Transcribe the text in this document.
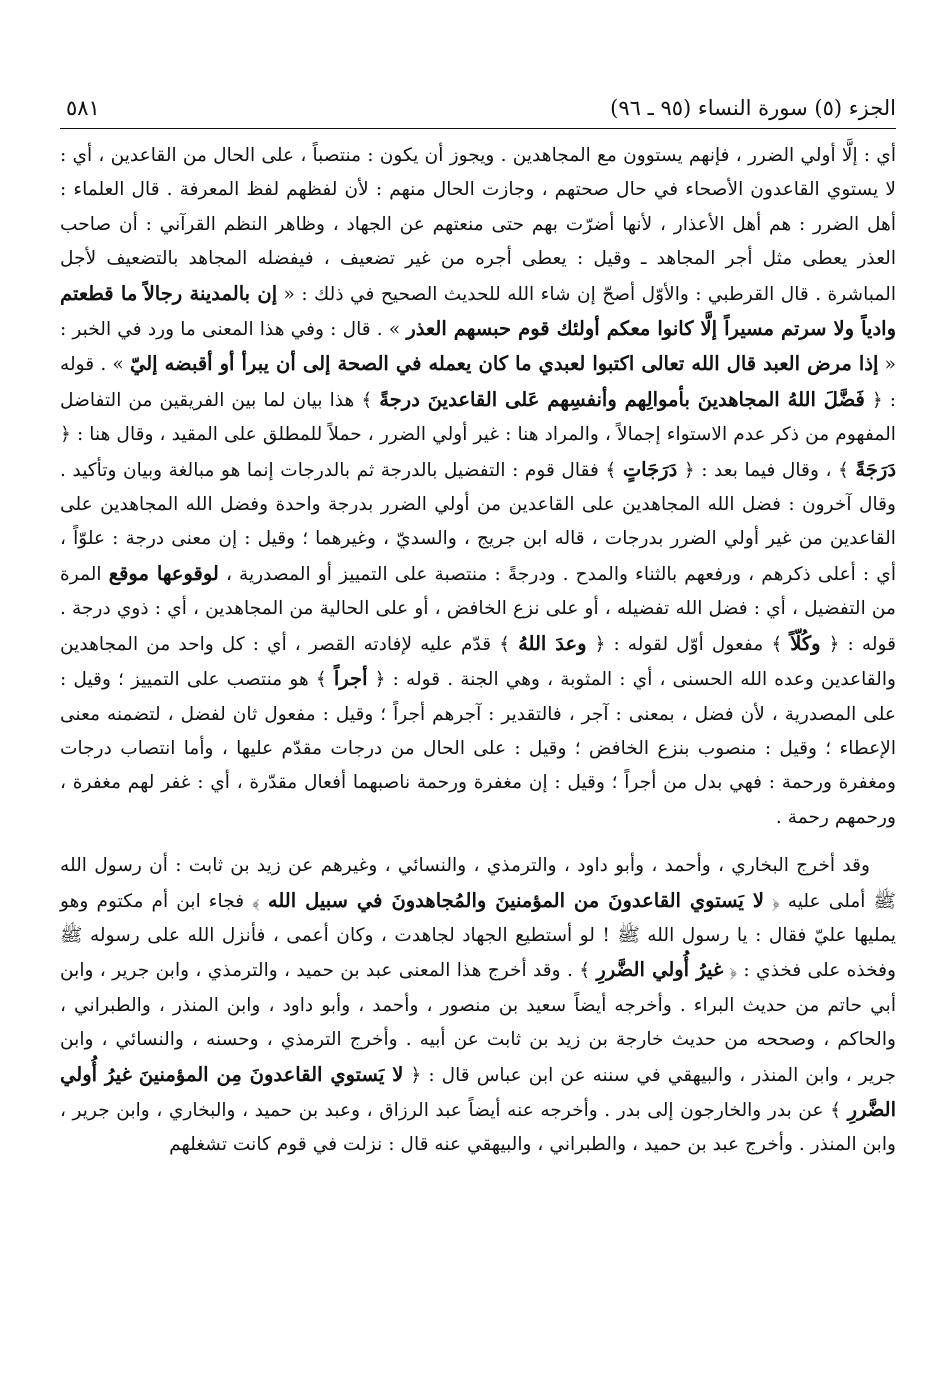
الجزء (٥) سورة النساء (٩٥ ـ ٩٦)
٥٨١

أي : إلَّا أولي الضرر ، فإنهم يستوون مع المجاهدين . ويجوز أن يكون : منتصباً ، على الحال من القاعدين ، أي : لا يستوي القاعدون الأصحاء في حال صحتهم ، وجازت الحال منهم : لأن لفظهم لفظ المعرفة . قال العلماء : أهل الضرر : هم أهل الأعذار ، لأنها أضرّت بهم حتى منعتهم عن الجهاد ، وظاهر النظم القرآني : أن صاحب العذر يعطى مثل أجر المجاهد ـ وقيل : يعطى أجره من غير تضعيف ، فيفضله المجاهد بالتضعيف لأجل المباشرة . قال القرطبي : والأوّل أصحّ إن شاء الله للحديث الصحيح في ذلك : « إن بالمدينة رجالاً ما قطعتم وادياً ولا سرتم مسيراً إلَّا كانوا معكم أولئك قوم حبسهم العذر » . قال : وفي هذا المعنى ما ورد في الخبر : « إذا مرض العبد قال الله تعالى اكتبوا لعبدي ما كان يعمله في الصحة إلى أن يبرأ أو أقبضه إليّ » . قوله : ﴿ فَضَّلَ اللهُ المجاهدينَ بأموالِهم وأنفسِهم عَلى القاعدينَ درجةً ﴾ هذا بيان لما بين الفريقين من التفاضل المفهوم من ذكر عدم الاستواء إجمالاً ، والمراد هنا : غير أولي الضرر ، حملاً للمطلق على المقيد ، وقال هنا : ﴿ دَرَجَةً ﴾ ، وقال فيما بعد : ﴿ دَرَجَاتٍ ﴾ فقال قوم : التفضيل بالدرجة ثم بالدرجات إنما هو مبالغة وبيان وتأكيد . وقال آخرون : فضل الله المجاهدين على القاعدين من أولي الضرر بدرجة واحدة وفضل الله المجاهدين على القاعدين من غير أولي الضرر بدرجات ، قاله ابن جريج ، والسديّ ، وغيرهما ؛ وقيل : إن معنى درجة : علوّاً ، أي : أعلى ذكرهم ، ورفعهم بالثناء والمدح . ودرجةً : منتصبة على التمييز أو المصدرية ، لوقوعها موقع المرة من التفضيل ، أي : فضل الله تفضيله ، أو على نزع الخافض ، أو على الحالية من المجاهدين ، أي : ذوي درجة . قوله : ﴿ وكُلّاً ﴾ مفعول أوّل لقوله : ﴿ وعدَ اللهُ ﴾ قدّم عليه لإفادته القصر ، أي : كل واحد من المجاهدين والقاعدين وعده الله الحسنى ، أي : المثوبة ، وهي الجنة . قوله : ﴿ أجراً ﴾ هو منتصب على التمييز ؛ وقيل : على المصدرية ، لأن فضل ، بمعنى : آجر ، فالتقدير : آجرهم أجراً ؛ وقيل : مفعول ثان لفضل ، لتضمنه معنى الإعطاء ؛ وقيل : منصوب بنزع الخافض ؛ وقيل : على الحال من درجات مقدّم عليها ، وأما انتصاب درجات ومغفرة ورحمة : فهي بدل من أجراً ؛ وقيل : إن مغفرة ورحمة ناصبهما أفعال مقدّرة ، أي : غفر لهم مغفرة ، ورحمهم رحمة .

وقد أخرج البخاري ، وأحمد ، وأبو داود ، والترمذي ، والنسائي ، وغيرهم عن زيد بن ثابت : أن رسول الله ﷺ أملى عليه ﴿ لا يَستوي القاعدونَ من المؤمنينَ والمُجاهدونَ في سبيل الله ﴾ فجاء ابن أم مكتوم وهو يمليها عليّ فقال : يا رسول الله ﷺ ! لو أستطيع الجهاد لجاهدت ، وكان أعمى ، فأنزل الله على رسوله ﷺ وفخذه على فخذي : ﴿ غيرُ أُولي الضَّررِ ﴾ . وقد أخرج هذا المعنى عبد بن حميد ، والترمذي ، وابن جرير ، وابن أبي حاتم من حديث البراء . وأخرجه أيضاً سعيد بن منصور ، وأحمد ، وأبو داود ، وابن المنذر ، والطبراني ، والحاكم ، وصححه من حديث خارجة بن زيد بن ثابت عن أبيه . وأخرج الترمذي ، وحسنه ، والنسائي ، وابن جرير ، وابن المنذر ، والبيهقي في سننه عن ابن عباس قال : ﴿ لا يَستوي القاعدونَ مِن المؤمنينَ غيرُ أُولي الضَّررِ ﴾ عن بدر والخارجون إلى بدر . وأخرجه عنه أيضاً عبد الرزاق ، وعبد بن حميد ، والبخاري ، وابن جرير ، وابن المنذر . وأخرج عبد بن حميد ، والطبراني ، والبيهقي عنه قال : نزلت في قوم كانت تشغلهم
